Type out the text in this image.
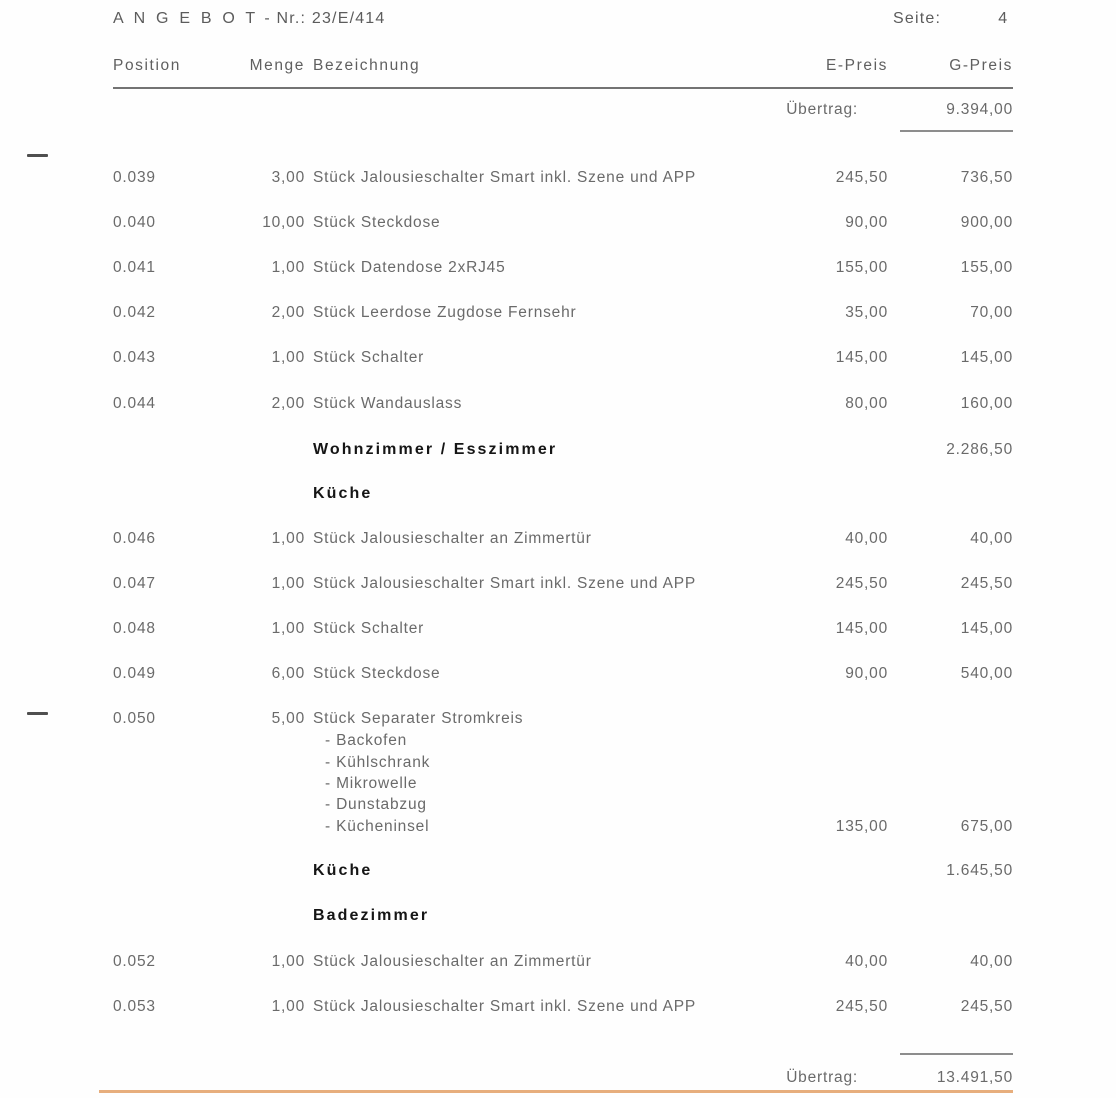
A N G E B O T - Nr.: 23/E/414	Seite:	4
Position	Menge Bezeichnung	E-Preis	G-Preis
Übertrag:	9.394,00
0.039	3,00 Stück Jalousieschalter Smart inkl. Szene und APP	245,50	736,50
0.040	10,00 Stück Steckdose	90,00	900,00
0.041	1,00 Stück Datendose 2xRJ45	155,00	155,00
0.042	2,00 Stück Leerdose Zugdose Fernsehr	35,00	70,00
0.043	1,00 Stück Schalter	145,00	145,00
0.044	2,00 Stück Wandauslass	80,00	160,00
Wohnzimmer / Esszimmer	2.286,50
Küche
0.046	1,00 Stück Jalousieschalter an Zimmertür	40,00	40,00
0.047	1,00 Stück Jalousieschalter Smart inkl. Szene und APP	245,50	245,50
0.048	1,00 Stück Schalter	145,00	145,00
0.049	6,00 Stück Steckdose	90,00	540,00
0.050	5,00 Stück Separater Stromkreis
- Backofen
- Kühlschrank
- Mikrowelle
- Dunstabzug
- Kücheninsel	135,00	675,00
Küche	1.645,50
Badezimmer
0.052	1,00 Stück Jalousieschalter an Zimmertür	40,00	40,00
0.053	1,00 Stück Jalousieschalter Smart inkl. Szene und APP	245,50	245,50
Übertrag:	13.491,50
